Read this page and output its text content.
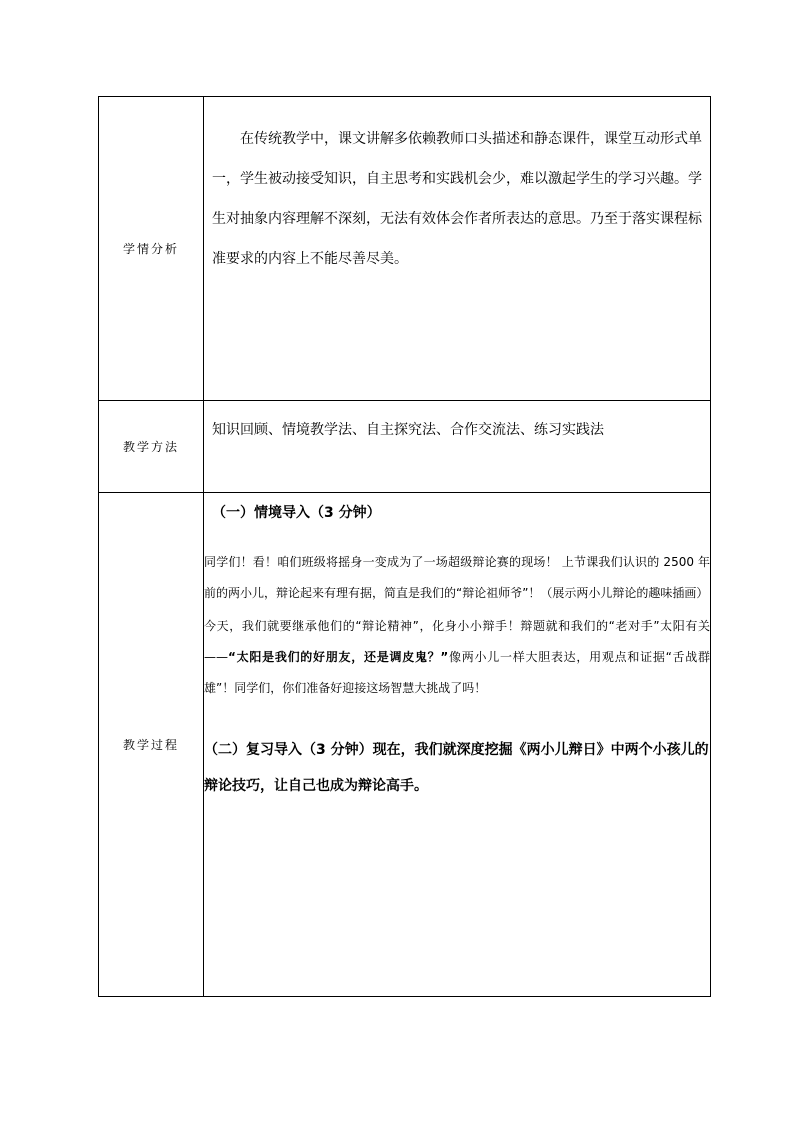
学情分析	在传统教学中，课文讲解多依赖教师口头描述和静态课件，课堂互动形式单一，学生被动接受知识，自主思考和实践机会少，难以激起学生的学习兴趣。学生对抽象内容理解不深刻，无法有效体会作者所表达的意思。乃至于落实课程标准要求的内容上不能尽善尽美。

教学方法	知识回顾、情境教学法、自主探究法、合作交流法、练习实践法

教学过程	（一）情境导入（3 分钟）

同学们！看！咱们班级将摇身一变成为了一场超级辩论赛的现场！ 上节课我们认识的 2500 年前的两小儿，辩论起来有理有据，简直是我们的“辩论祖师爷”！（展示两小儿辩论的趣味插画）

今天，我们就要继承他们的“辩论精神”，化身小小辩手！辩题就和我们的“老对手”太阳有关 ——“太阳是我们的好朋友，还是调皮鬼？”像两小儿一样大胆表达，用观点和证据“舌战群雄”！同学们，你们准备好迎接这场智慧大挑战了吗！

（二）复习导入（3 分钟）现在，我们就深度挖掘《两小儿辩日》中两个小孩儿的辩论技巧，让自己也成为辩论高手。
